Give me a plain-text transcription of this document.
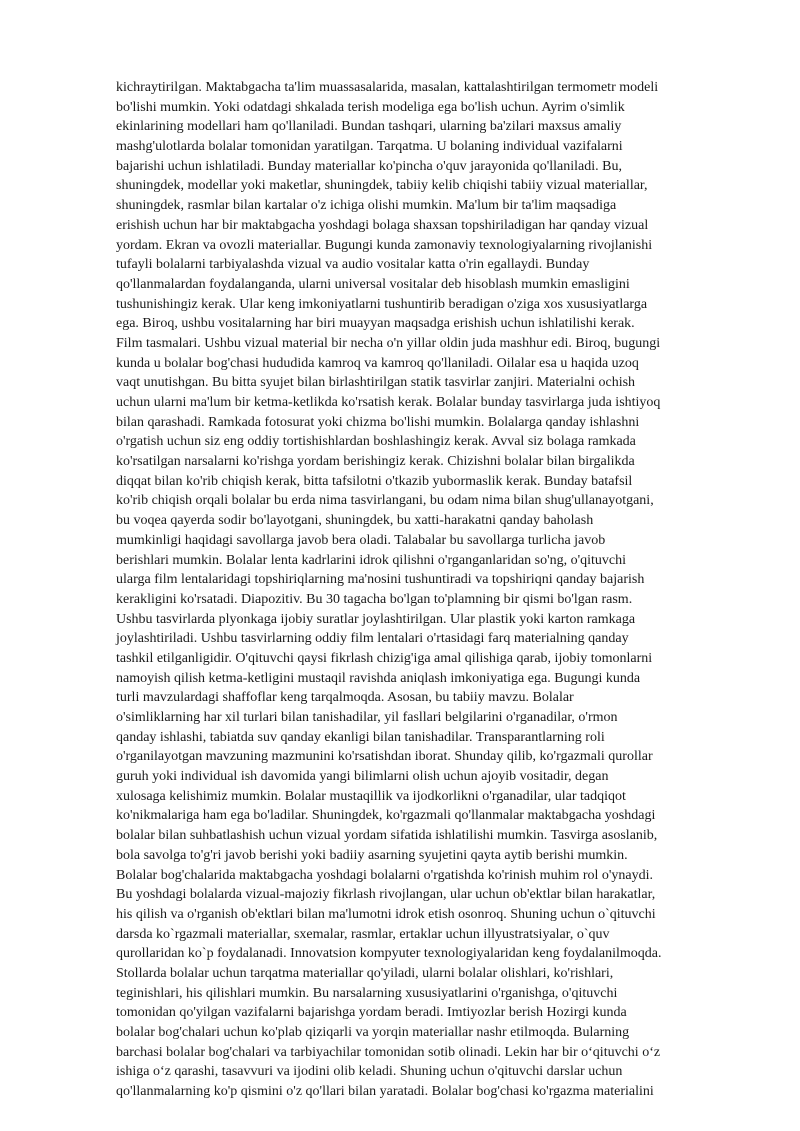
kichraytirilgan. Maktabgacha ta'lim muassasalarida, masalan, kattalashtirilgan termometr modeli
bo'lishi mumkin. Yoki odatdagi shkalada terish modeliga ega bo'lish uchun. Ayrim o'simlik
ekinlarining modellari ham qo'llaniladi. Bundan tashqari, ularning ba'zilari maxsus amaliy
mashg'ulotlarda bolalar tomonidan yaratilgan. Tarqatma. U bolaning individual vazifalarni
bajarishi uchun ishlatiladi. Bunday materiallar ko'pincha o'quv jarayonida qo'llaniladi. Bu,
shuningdek, modellar yoki maketlar, shuningdek, tabiiy kelib chiqishi tabiiy vizual materiallar,
shuningdek, rasmlar bilan kartalar o'z ichiga olishi mumkin. Ma'lum bir ta'lim maqsadiga
erishish uchun har bir maktabgacha yoshdagi bolaga shaxsan topshiriladigan har qanday vizual
yordam. Ekran va ovozli materiallar. Bugungi kunda zamonaviy texnologiyalarning rivojlanishi
tufayli bolalarni tarbiyalashda vizual va audio vositalar katta o'rin egallaydi. Bunday
qo'llanmalardan foydalanganda, ularni universal vositalar deb hisoblash mumkin emasligini
tushunishingiz kerak. Ular keng imkoniyatlarni tushuntirib beradigan o'ziga xos xususiyatlarga
ega. Biroq, ushbu vositalarning har biri muayyan maqsadga erishish uchun ishlatilishi kerak.
Film tasmalari. Ushbu vizual material bir necha o'n yillar oldin juda mashhur edi. Biroq, bugungi
kunda u bolalar bog'chasi hududida kamroq va kamroq qo'llaniladi. Oilalar esa u haqida uzoq
vaqt unutishgan. Bu bitta syujet bilan birlashtirilgan statik tasvirlar zanjiri. Materialni ochish
uchun ularni ma'lum bir ketma-ketlikda ko'rsatish kerak. Bolalar bunday tasvirlarga juda ishtiyoq
bilan qarashadi. Ramkada fotosurat yoki chizma bo'lishi mumkin. Bolalarga qanday ishlashni
o'rgatish uchun siz eng oddiy tortishishlardan boshlashingiz kerak. Avval siz bolaga ramkada
ko'rsatilgan narsalarni ko'rishga yordam berishingiz kerak. Chizishni bolalar bilan birgalikda
diqqat bilan ko'rib chiqish kerak, bitta tafsilotni o'tkazib yubormaslik kerak. Bunday batafsil
ko'rib chiqish orqali bolalar bu erda nima tasvirlangani, bu odam nima bilan shug'ullanayotgani,
bu voqea qayerda sodir bo'layotgani, shuningdek, bu xatti-harakatni qanday baholash
mumkinligi haqidagi savollarga javob bera oladi. Talabalar bu savollarga turlicha javob
berishlari mumkin. Bolalar lenta kadrlarini idrok qilishni o'rganganlaridan so'ng, o'qituvchi
ularga film lentalaridagi topshiriqlarning ma'nosini tushuntiradi va topshiriqni qanday bajarish
kerakligini ko'rsatadi. Diapozitiv. Bu 30 tagacha bo'lgan to'plamning bir qismi bo'lgan rasm.
Ushbu tasvirlarda plyonkaga ijobiy suratlar joylashtirilgan. Ular plastik yoki karton ramkaga
joylashtiriladi. Ushbu tasvirlarning oddiy film lentalari o'rtasidagi farq materialning qanday
tashkil etilganligidir. O'qituvchi qaysi fikrlash chizig'iga amal qilishiga qarab, ijobiy tomonlarni
namoyish qilish ketma-ketligini mustaqil ravishda aniqlash imkoniyatiga ega. Bugungi kunda
turli mavzulardagi shaffoflar keng tarqalmoqda. Asosan, bu tabiiy mavzu. Bolalar
o'simliklarning har xil turlari bilan tanishadilar, yil fasllari belgilarini o'rganadilar, o'rmon
qanday ishlashi, tabiatda suv qanday ekanligi bilan tanishadilar. Transparantlarning roli
o'rganilayotgan mavzuning mazmunini ko'rsatishdan iborat. Shunday qilib, ko'rgazmali qurollar
guruh yoki individual ish davomida yangi bilimlarni olish uchun ajoyib vositadir, degan
xulosaga kelishimiz mumkin. Bolalar mustaqillik va ijodkorlikni o'rganadilar, ular tadqiqot
ko'nikmalariga ham ega bo'ladilar. Shuningdek, ko'rgazmali qo'llanmalar maktabgacha yoshdagi
bolalar bilan suhbatlashish uchun vizual yordam sifatida ishlatilishi mumkin. Tasvirga asoslanib,
bola savolga to'g'ri javob berishi yoki badiiy asarning syujetini qayta aytib berishi mumkin.
Bolalar bog'chalarida maktabgacha yoshdagi bolalarni o'rgatishda ko'rinish muhim rol o'ynaydi.
Bu yoshdagi bolalarda vizual-majoziy fikrlash rivojlangan, ular uchun ob'ektlar bilan harakatlar,
his qilish va o'rganish ob'ektlari bilan ma'lumotni idrok etish osonroq. Shuning uchun o`qituvchi
darsda ko`rgazmali materiallar, sxemalar, rasmlar, ertaklar uchun illyustratsiyalar, o`quv
qurollaridan ko`p foydalanadi. Innovatsion kompyuter texnologiyalaridan keng foydalanilmoqda.
Stollarda bolalar uchun tarqatma materiallar qo'yiladi, ularni bolalar olishlari, ko'rishlari,
teginishlari, his qilishlari mumkin. Bu narsalarning xususiyatlarini o'rganishga, o'qituvchi
tomonidan qo'yilgan vazifalarni bajarishga yordam beradi. Imtiyozlar berish Hozirgi kunda
bolalar bog'chalari uchun ko'plab qiziqarli va yorqin materiallar nashr etilmoqda. Bularning
barchasi bolalar bog'chalari va tarbiyachilar tomonidan sotib olinadi. Lekin har bir o‘qituvchi o‘z
ishiga o‘z qarashi, tasavvuri va ijodini olib keladi. Shuning uchun o'qituvchi darslar uchun
qo'llanmalarning ko'p qismini o'z qo'llari bilan yaratadi. Bolalar bog'chasi ko'rgazma materialini
